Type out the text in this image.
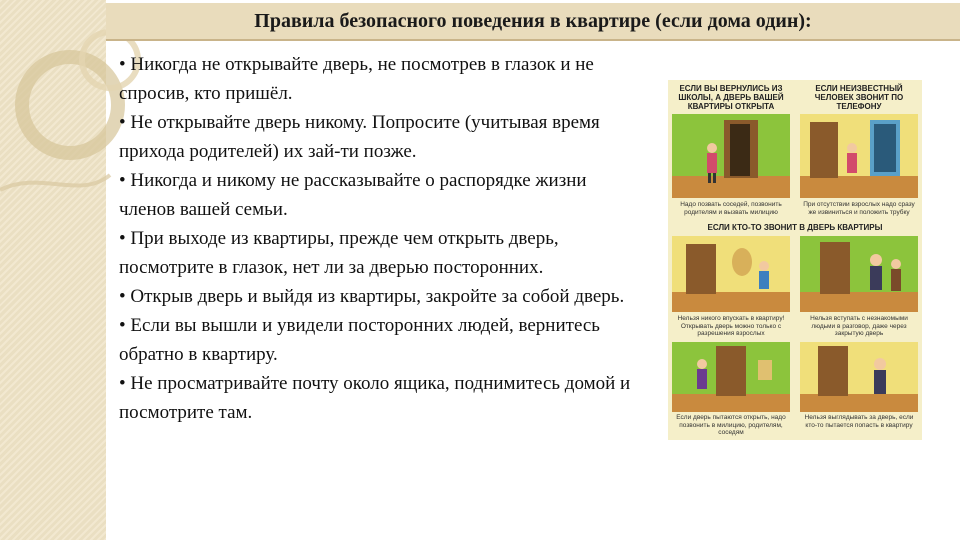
Правила безопасного поведения в квартире (если дома один):

• Никогда не открывайте дверь, не посмотрев в глазок и не спросив, кто пришёл.

• Не открывайте дверь никому. Попросите (учитывая время прихода родителей) их зай-ти позже.

• Никогда и никому не рассказывайте о распорядке жизни членов вашей семьи.

• При выходе из квартиры, прежде чем открыть дверь, посмотрите в глазок, нет ли за дверью посторонних.

• Открыв дверь и выйдя из квартиры, закройте за собой дверь.

• Если вы вышли и увидели посторонних людей, вернитесь обратно в квартиру.

• Не просматривайте почту около ящика, поднимитесь домой и посмотрите там.

ЕСЛИ ВЫ ВЕРНУЛИСЬ ИЗ ШКОЛЫ, А ДВЕРЬ ВАШЕЙ КВАРТИРЫ ОТКРЫТА
ЕСЛИ НЕИЗВЕСТНЫЙ ЧЕЛОВЕК ЗВОНИТ ПО ТЕЛЕФОНУ
Надо позвать соседей, позвонить родителям и вызвать милицию
При отсутствии взрослых надо сразу же извиниться и положить трубку
ЕСЛИ КТО-ТО ЗВОНИТ В ДВЕРЬ КВАРТИРЫ
Нельзя никого впускать в квартиру! Открывать дверь можно только с разрешения взрослых
Нельзя вступать с незнакомыми людьми в разговор, даже через закрытую дверь
Если дверь пытаются открыть, надо позвонить в милицию, родителям, соседям
Нельзя выглядывать за дверь, если кто-то пытается попасть в квартиру
